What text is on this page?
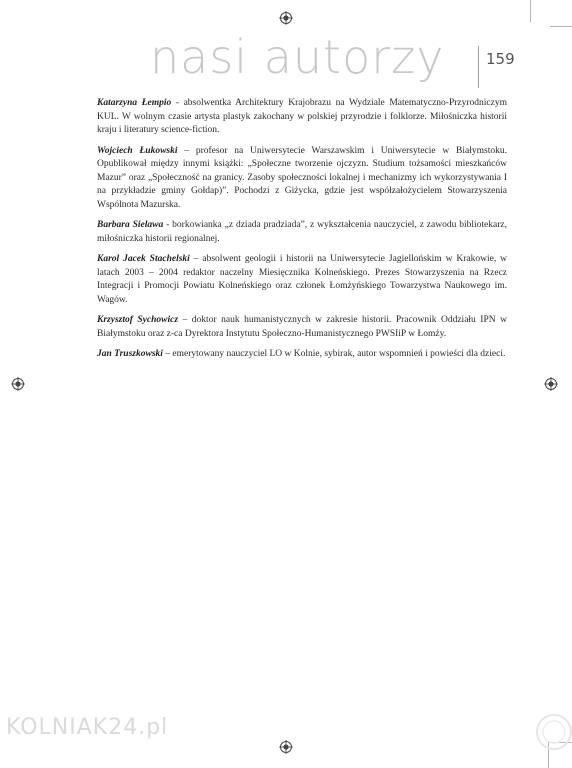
nasi autorzy	159

Katarzyna Łempio - absolwentka Architektury Krajobrazu na Wydziale Matematyczno-Przyrodniczym KUL. W wolnym czasie artysta plastyk zakochany w polskiej przyrodzie i folklorze. Miłośniczka historii kraju i literatury science-fiction.

Wojciech Łukowski – profesor na Uniwersytecie Warszawskim i Uniwersytecie w Białymstoku. Opublikował między innymi książki: „Społeczne tworzenie ojczyzn. Studium tożsamości mieszkańców Mazur” oraz „Społeczność na granicy. Zasoby społeczności lokalnej i mechanizmy ich wykorzystywania I na przykładzie gminy Gołdap)”. Pochodzi z Giżycka, gdzie jest współzałożycielem Stowarzyszenia Wspólnota Mazurska.

Barbara Sielawa - borkowianka „z dziada pradziada”, z wykształcenia nauczyciel, z zawodu bibliotekarz, miłośniczka historii regionalnej.

Karol Jacek Stachelski – absolwent geologii i historii na Uniwersytecie Jagiellońskim w Krakowie, w latach 2003 – 2004 redaktor naczelny Miesięcznika Kolneńskiego. Prezes Stowarzyszenia na Rzecz Integracji i Promocji Powiatu Kolneńskiego oraz członek Łomżyńskiego Towarzystwa Naukowego im. Wagów.

Krzysztof Sychowicz – doktor nauk humanistycznych w zakresie historii. Pracownik Oddziału IPN w Białymstoku oraz z-ca Dyrektora Instytutu Społeczno-Humanistycznego PWSIiP w Łomży.

Jan Truszkowski – emerytowany nauczyciel LO w Kolnie, sybirak, autor wspomnień i powieści dla dzieci.

KOLNIAK24.pl
